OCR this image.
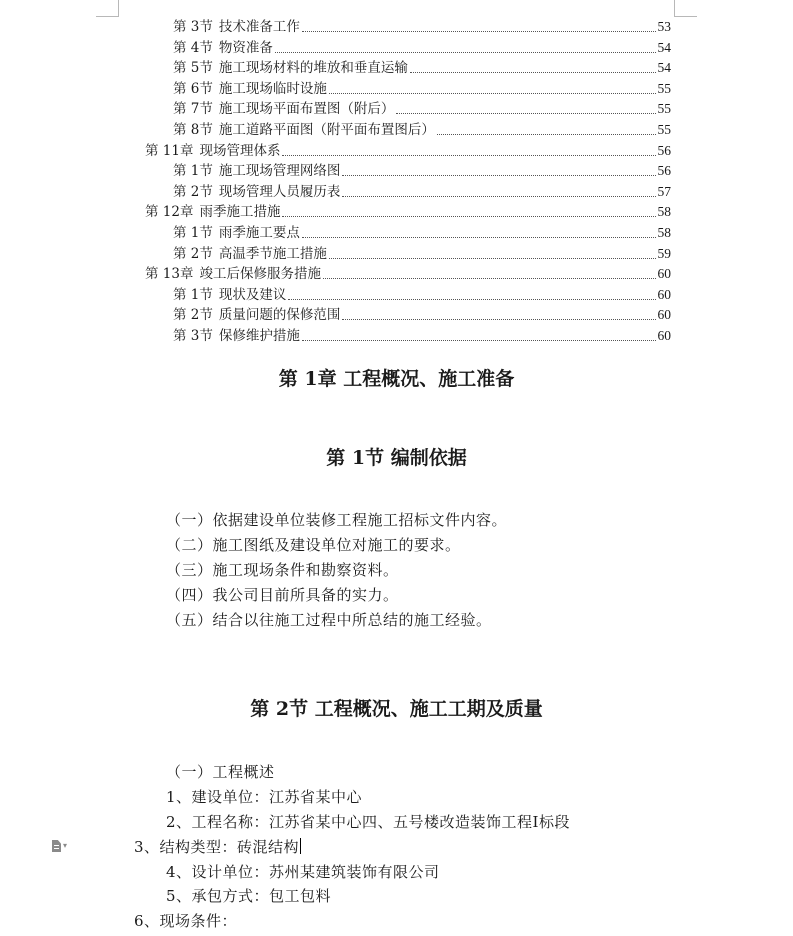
第 3节 技术准备工作	53
第 4节 物资准备	54
第 5节 施工现场材料的堆放和垂直运输	54
第 6节 施工现场临时设施	55
第 7节 施工现场平面布置图（附后）	55
第 8节 施工道路平面图（附平面布置图后）	55
第 11章 现场管理体系	56
第 1节 施工现场管理网络图	56
第 2节 现场管理人员履历表	57
第 12章 雨季施工措施	58
第 1节 雨季施工要点	58
第 2节 高温季节施工措施	59
第 13章 竣工后保修服务措施	60
第 1节 现状及建议	60
第 2节 质量问题的保修范围	60
第 3节 保修维护措施	60
第 1章 工程概况、施工准备
第 1节 编制依据
（一）依据建设单位装修工程施工招标文件内容。
（二）施工图纸及建设单位对施工的要求。
（三）施工现场条件和勘察资料。
（四）我公司目前所具备的实力。
（五）结合以往施工过程中所总结的施工经验。
第 2节 工程概况、施工工期及质量
（一）工程概述
1、建设单位：江苏省某中心
2、工程名称：江苏省某中心四、五号楼改造装饰工程Ⅰ标段
3、结构类型：砖混结构
4、设计单位：苏州某建筑装饰有限公司
5、承包方式：包工包料
6、现场条件：
▾
